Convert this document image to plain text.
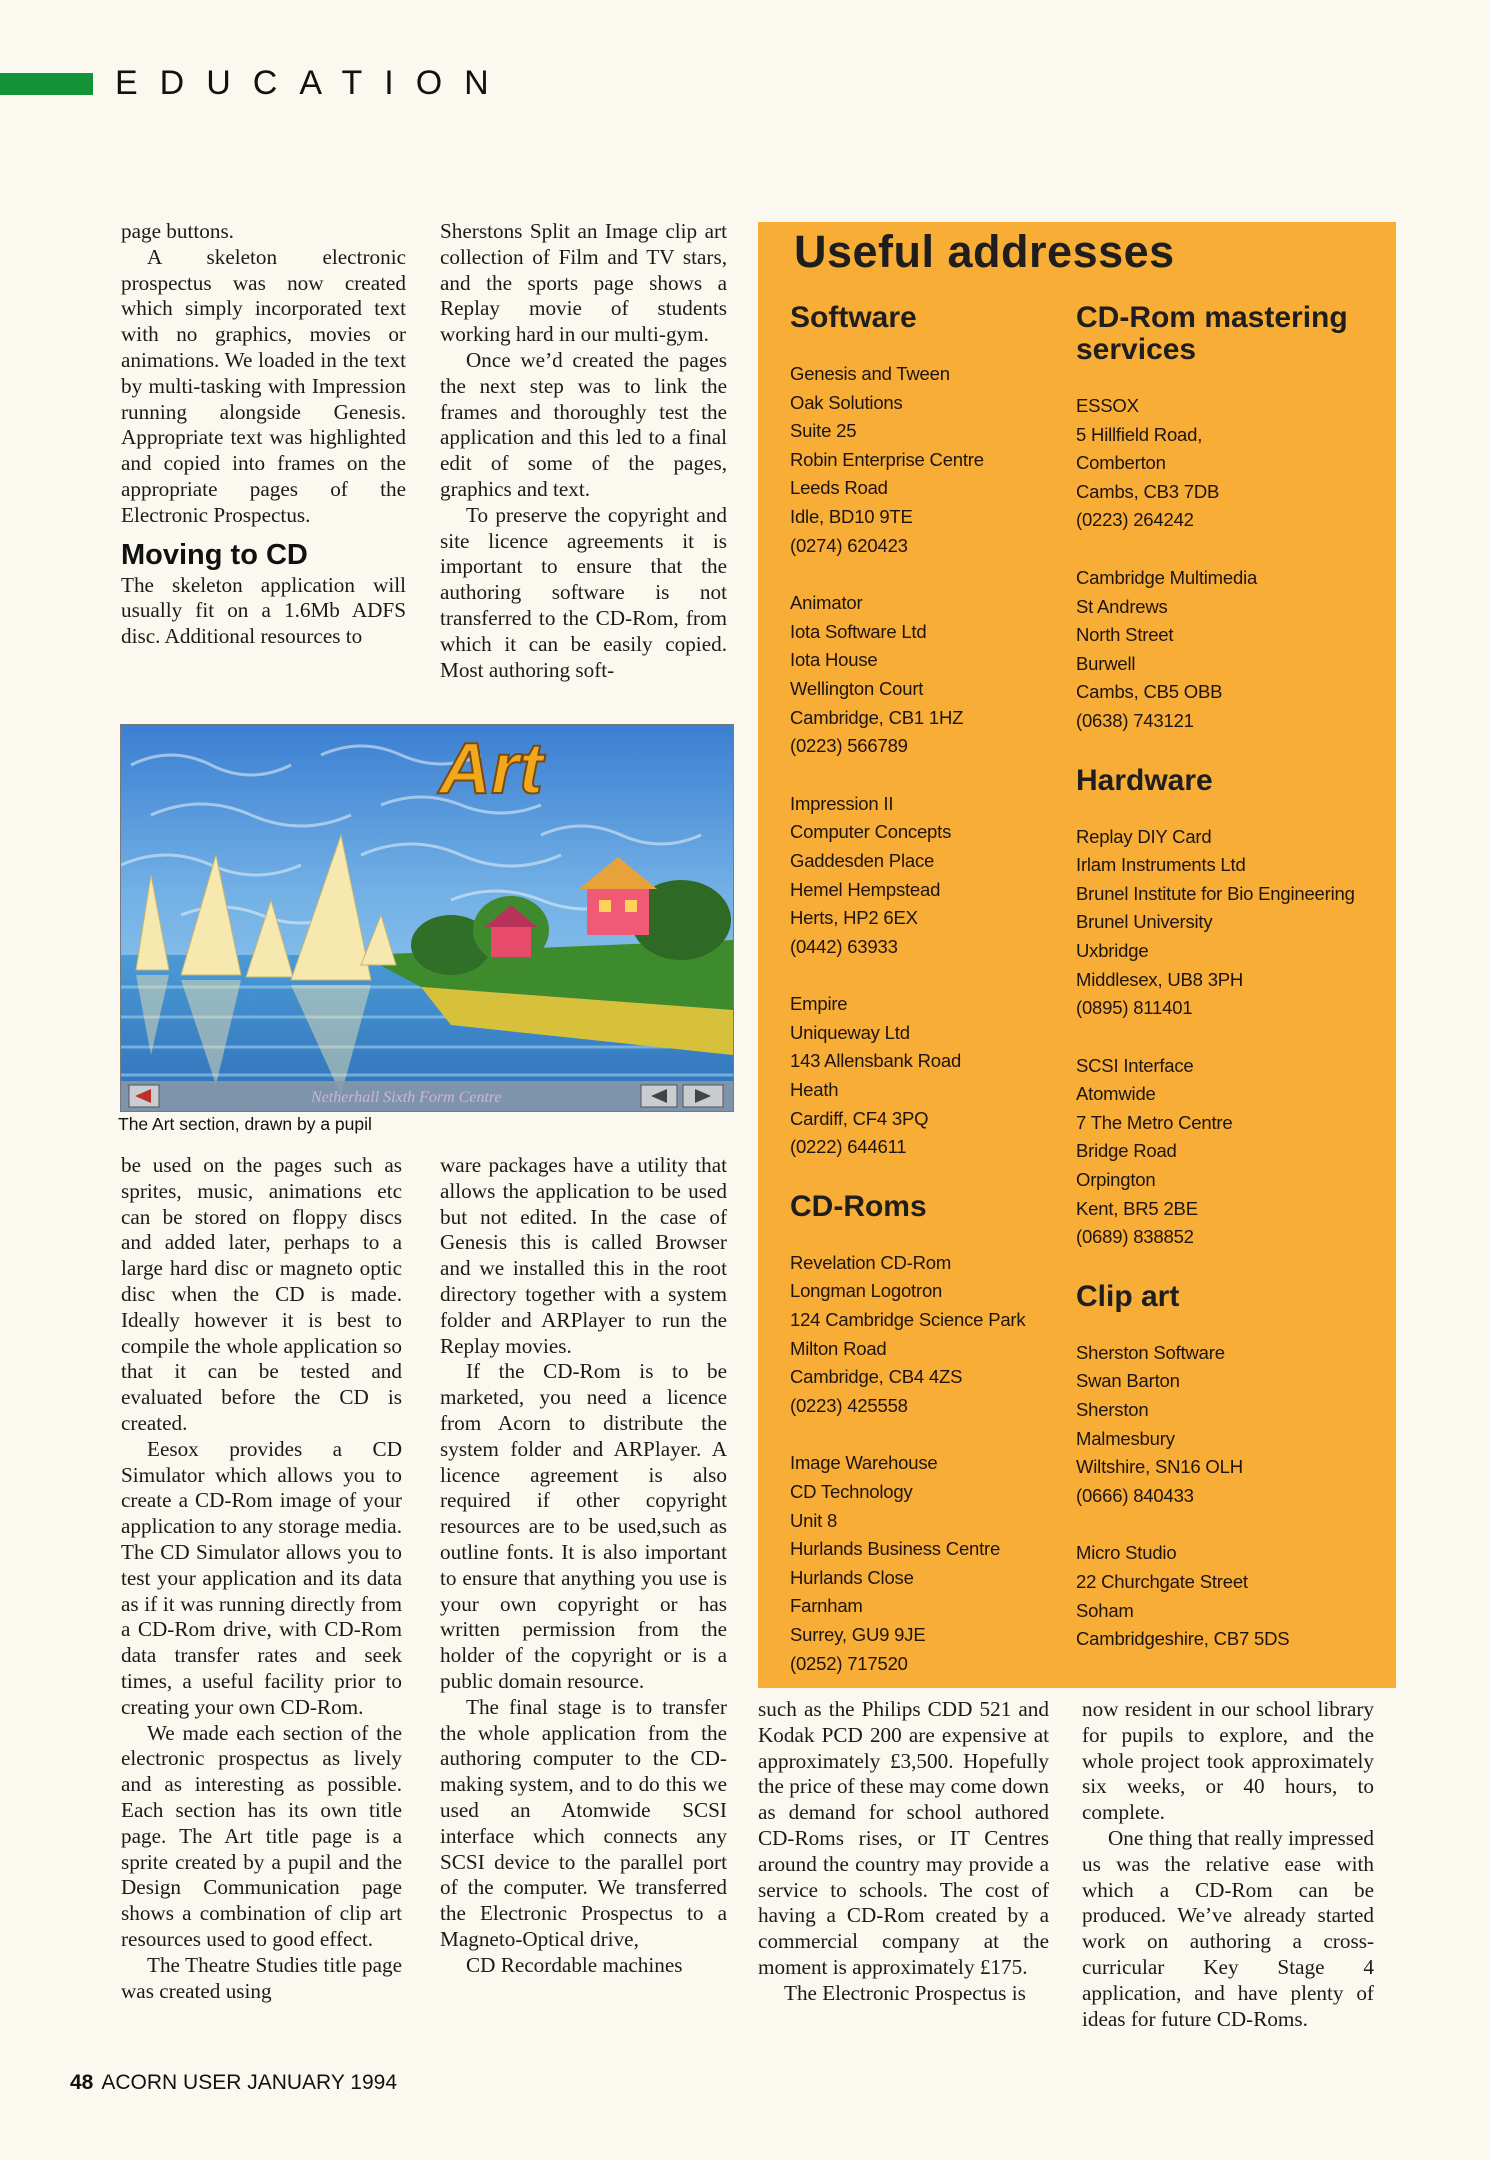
EDUCATION

page buttons.

A skeleton electronic prospectus was now created which simply incorporated text with no graphics, movies or animations. We loaded in the text by multi-tasking with Impression running alongside Genesis. Appropriate text was highlighted and copied into frames on the appropriate pages of the Electronic Prospectus.

Moving to CD

The skeleton application will usually fit on a 1.6Mb ADFS disc. Additional resources to

Sherstons Split an Image clip art collection of Film and TV stars, and the sports page shows a Replay movie of students working hard in our multi-gym.

Once we’d created the pages the next step was to link the frames and thoroughly test the application and this led to a final edit of some of the pages, graphics and text.

To preserve the copyright and site licence agreements it is important to ensure that the authoring software is not transferred to the CD-Rom, from which it can be easily copied. Most authoring soft-

Art
Netherhall Sixth Form Centre
The Art section, drawn by a pupil

be used on the pages such as sprites, music, animations etc can be stored on floppy discs and added later, perhaps to a large hard disc or magneto optic disc when the CD is made. Ideally however it is best to compile the whole application so that it can be tested and evaluated before the CD is created.

Eesox provides a CD Simulator which allows you to create a CD-Rom image of your application to any storage media. The CD Simulator allows you to test your application and its data as if it was running directly from a CD-Rom drive, with CD-Rom data transfer rates and seek times, a useful facility prior to creating your own CD-Rom.

We made each section of the electronic prospectus as lively and as interesting as possible. Each section has its own title page. The Art title page is a sprite created by a pupil and the Design Communication page shows a combination of clip art resources used to good effect.

The Theatre Studies title page was created using

ware packages have a utility that allows the application to be used but not edited. In the case of Genesis this is called Browser and we installed this in the root directory together with a system folder and ARPlayer to run the Replay movies.

If the CD-Rom is to be marketed, you need a licence from Acorn to distribute the system folder and ARPlayer. A licence agreement is also required if other copyright resources are to be used,such as outline fonts. It is also important to ensure that anything you use is your own copyright or has written permission from the holder of the copyright or is a public domain resource.

The final stage is to transfer the whole application from the authoring computer to the CD-making system, and to do this we used an Atomwide SCSI interface which connects any SCSI device to the parallel port of the computer. We transferred the Electronic Prospectus to a Magneto-Optical drive,

CD Recordable machines

Useful addresses
Software
Genesis and Tween
Oak Solutions
Suite 25
Robin Enterprise Centre
Leeds Road
Idle, BD10 9TE
(0274) 620423
Animator
Iota Software Ltd
Iota House
Wellington Court
Cambridge, CB1 1HZ
(0223) 566789
Impression II
Computer Concepts
Gaddesden Place
Hemel Hempstead
Herts, HP2 6EX
(0442) 63933
Empire
Uniqueway Ltd
143 Allensbank Road
Heath
Cardiff, CF4 3PQ
(0222) 644611
CD-Roms
Revelation CD-Rom
Longman Logotron
124 Cambridge Science Park
Milton Road
Cambridge, CB4 4ZS
(0223) 425558
Image Warehouse
CD Technology
Unit 8
Hurlands Business Centre
Hurlands Close
Farnham
Surrey, GU9 9JE
(0252) 717520
CD-Rom mastering services
ESSOX
5 Hillfield Road,
Comberton
Cambs, CB3 7DB
(0223) 264242
Cambridge Multimedia
St Andrews
North Street
Burwell
Cambs, CB5 OBB
(0638) 743121
Hardware
Replay DIY Card
Irlam Instruments Ltd
Brunel Institute for Bio Engineering
Brunel University
Uxbridge
Middlesex, UB8 3PH
(0895) 811401
SCSI Interface
Atomwide
7 The Metro Centre
Bridge Road
Orpington
Kent, BR5 2BE
(0689) 838852
Clip art
Sherston Software
Swan Barton
Sherston
Malmesbury
Wiltshire, SN16 OLH
(0666) 840433
Micro Studio
22 Churchgate Street
Soham
Cambridgeshire, CB7 5DS

such as the Philips CDD 521 and Kodak PCD 200 are expensive at approximately £3,500. Hopefully the price of these may come down as demand for school authored CD-Roms rises, or IT Centres around the country may provide a service to schools. The cost of having a CD-Rom created by a commercial company at the moment is approximately £175.

The Electronic Prospectus is

now resident in our school library for pupils to explore, and the whole project took approximately six weeks, or 40 hours, to complete.

One thing that really impressed us was the relative ease with which a CD-Rom can be produced. We’ve already started work on authoring a cross-curricular Key Stage 4 application, and have plenty of ideas for future CD-Roms.

48 ACORN USER JANUARY 1994
